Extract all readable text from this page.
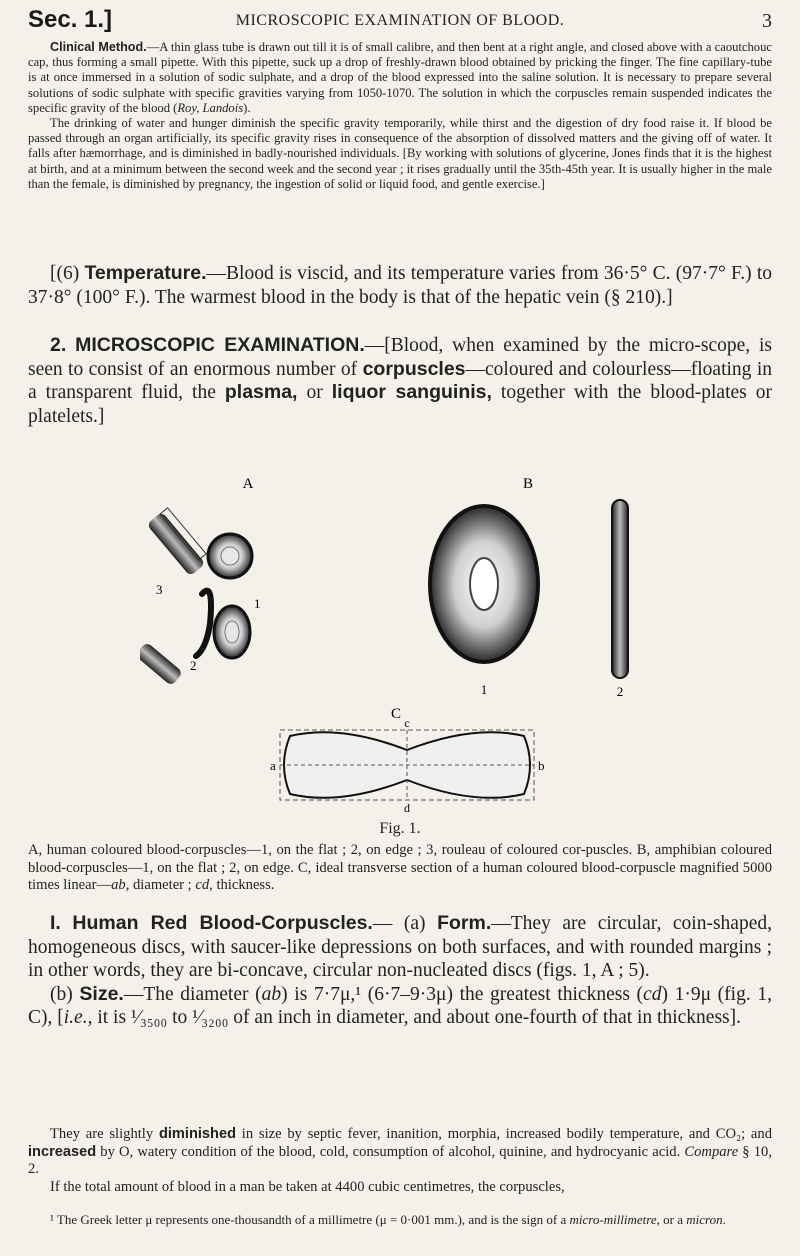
Sec. 1.]	MICROSCOPIC EXAMINATION OF BLOOD.	3

Clinical Method.—A thin glass tube is drawn out till it is of small calibre, and then bent at a right angle, and closed above with a caoutchouc cap, thus forming a small pipette. With this pipette, suck up a drop of freshly-drawn blood obtained by pricking the finger. The fine capillary-tube is at once immersed in a solution of sodic sulphate, and a drop of the blood expressed into the saline solution. It is necessary to prepare several solutions of sodic sulphate with specific gravities varying from 1050-1070. The solution in which the corpuscles remain suspended indicates the specific gravity of the blood (Roy, Landois).

The drinking of water and hunger diminish the specific gravity temporarily, while thirst and the digestion of dry food raise it. If blood be passed through an organ artificially, its specific gravity rises in consequence of the absorption of dissolved matters and the giving off of water. It falls after hæmorrhage, and is diminished in badly-nourished individuals. [By working with solutions of glycerine, Jones finds that it is the highest at birth, and at a minimum between the second week and the second year ; it rises gradually until the 35th-45th year. It is usually higher in the male than the female, is diminished by pregnancy, the ingestion of solid or liquid food, and gentle exercise.]

[(6) Temperature.—Blood is viscid, and its temperature varies from 36·5° C. (97·7° F.) to 37·8° (100° F.). The warmest blood in the body is that of the hepatic vein (§ 210).]

2. MICROSCOPIC EXAMINATION.—[Blood, when examined by the micro-scope, is seen to consist of an enormous number of corpuscles—coloured and colourless—floating in a transparent fluid, the plasma, or liquor sanguinis, together with the blood-plates or platelets.]

A	B
3
1
2
1	2
C
c
a	b
d
Fig. 1.

A, human coloured blood-corpuscles—1, on the flat ; 2, on edge ; 3, rouleau of coloured cor-puscles. B, amphibian coloured blood-corpuscles—1, on the flat ; 2, on edge. C, ideal transverse section of a human coloured blood-corpuscle magnified 5000 times linear—ab, diameter ; cd, thickness.

I. Human Red Blood-Corpuscles.— (a) Form.—They are circular, coin-shaped, homogeneous discs, with saucer-like depressions on both surfaces, and with rounded margins ; in other words, they are bi-concave, circular non-nucleated discs (figs. 1, A ; 5).

(b) Size.—The diameter (ab) is 7·7μ,¹ (6·7–9·3μ) the greatest thickness (cd) 1·9μ (fig. 1, C), [i.e., it is ¹⁄₃₅₀₀ to ¹⁄₃₂₀₀ of an inch in diameter, and about one-fourth of that in thickness].

They are slightly diminished in size by septic fever, inanition, morphia, increased bodily temperature, and CO₂; and increased by O, watery condition of the blood, cold, consumption of alcohol, quinine, and hydrocyanic acid. Compare § 10, 2.

If the total amount of blood in a man be taken at 4400 cubic centimetres, the corpuscles,

¹ The Greek letter μ represents one-thousandth of a millimetre (μ = 0·001 mm.), and is the sign of a micro-millimetre, or a micron.
